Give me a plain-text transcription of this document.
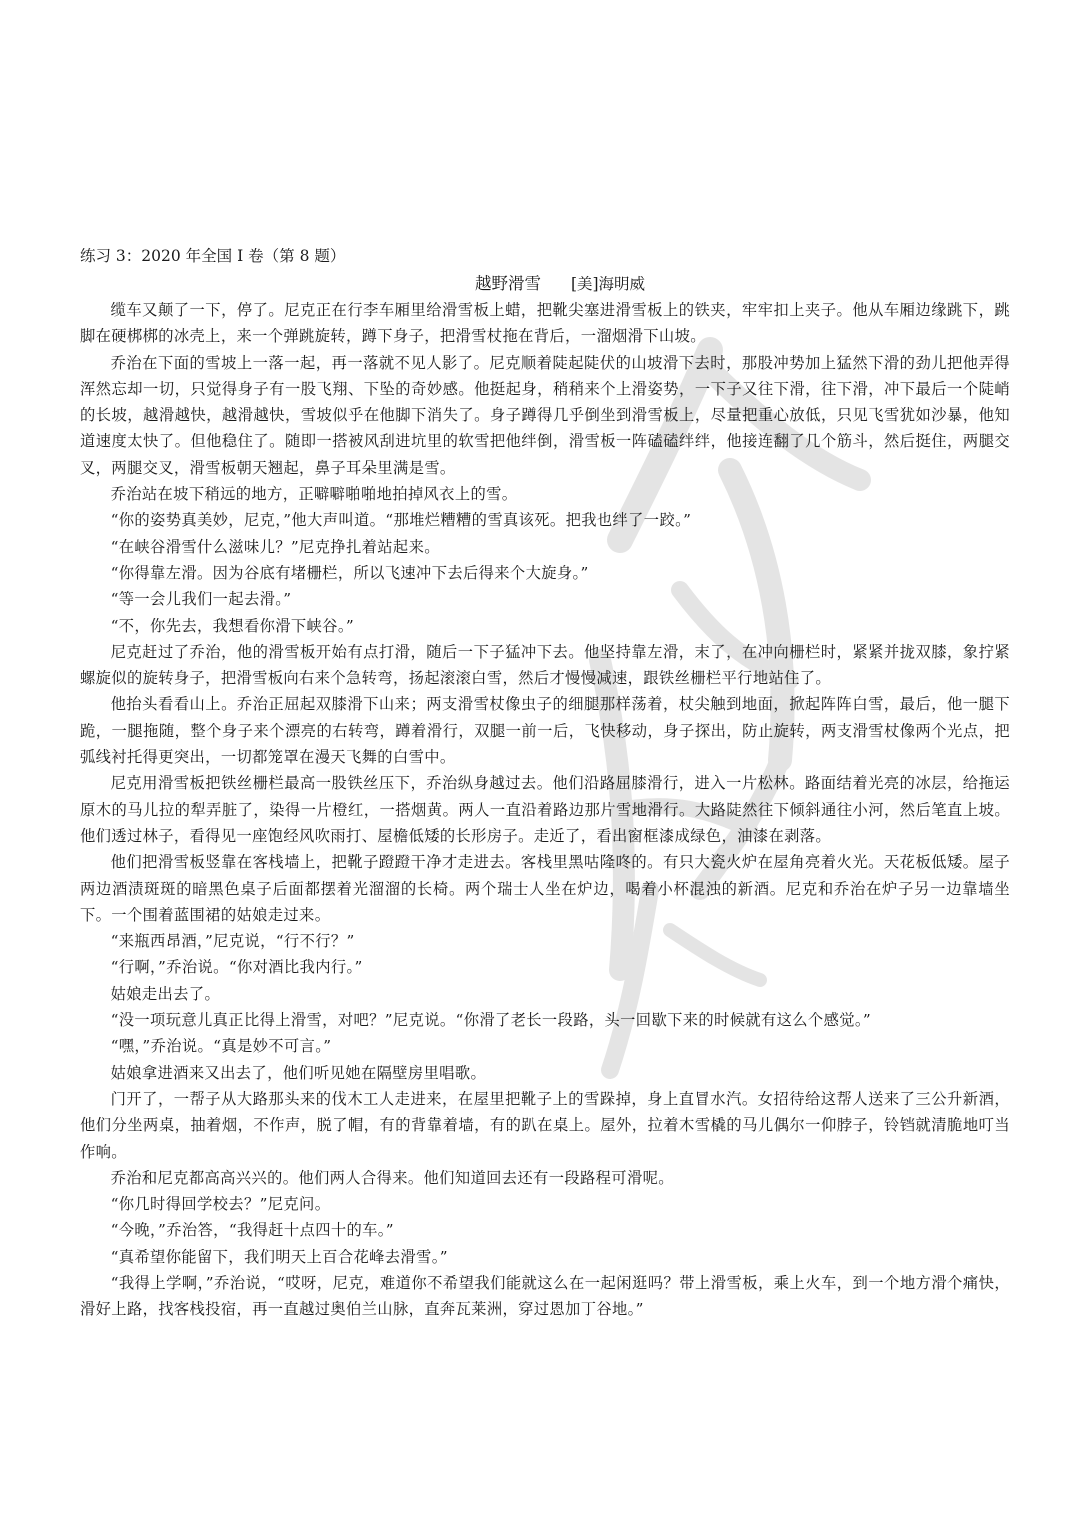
练习 3：2020 年全国 I 卷（第 8 题）

越野滑雪 [美]海明威

缆车又颠了一下，停了。尼克正在行李车厢里给滑雪板上蜡，把靴尖塞进滑雪板上的铁夹，牢牢扣上夹子。他从车厢边缘跳下，跳脚在硬梆梆的冰壳上，来一个弹跳旋转，蹲下身子，把滑雪杖拖在背后，一溜烟滑下山坡。

乔治在下面的雪坡上一落一起，再一落就不见人影了。尼克顺着陡起陡伏的山坡滑下去时，那股冲势加上猛然下滑的劲儿把他弄得浑然忘却一切，只觉得身子有一股飞翔、下坠的奇妙感。他挺起身，稍稍来个上滑姿势，一下子又往下滑，往下滑，冲下最后一个陡峭的长坡，越滑越快，越滑越快，雪坡似乎在他脚下消失了。身子蹲得几乎倒坐到滑雪板上，尽量把重心放低，只见飞雪犹如沙暴，他知道速度太快了。但他稳住了。随即一搭被风刮进坑里的软雪把他绊倒，滑雪板一阵磕磕绊绊，他接连翻了几个筋斗，然后挺住，两腿交叉，两腿交叉，滑雪板朝天翘起，鼻子耳朵里满是雪。

乔治站在坡下稍远的地方，正噼噼啪啪地拍掉风衣上的雪。

“你的姿势真美妙，尼克，”他大声叫道。“那堆烂糟糟的雪真该死。把我也绊了一跤。”

“在峡谷滑雪什么滋味儿？”尼克挣扎着站起来。

“你得靠左滑。因为谷底有堵栅栏，所以飞速冲下去后得来个大旋身。”

“等一会儿我们一起去滑。”

“不，你先去，我想看你滑下峡谷。”

尼克赶过了乔治，他的滑雪板开始有点打滑，随后一下子猛冲下去。他坚持靠左滑，末了，在冲向栅栏时，紧紧并拢双膝，象拧紧螺旋似的旋转身子，把滑雪板向右来个急转弯，扬起滚滚白雪，然后才慢慢减速，跟铁丝栅栏平行地站住了。

他抬头看看山上。乔治正屈起双膝滑下山来；两支滑雪杖像虫子的细腿那样荡着，杖尖触到地面，掀起阵阵白雪，最后，他一腿下跪，一腿拖随，整个身子来个漂亮的右转弯，蹲着滑行，双腿一前一后，飞快移动，身子探出，防止旋转，两支滑雪杖像两个光点，把弧线衬托得更突出，一切都笼罩在漫天飞舞的白雪中。

尼克用滑雪板把铁丝栅栏最高一股铁丝压下，乔治纵身越过去。他们沿路屈膝滑行，进入一片松林。路面结着光亮的冰层，给拖运原木的马儿拉的犁弄脏了，染得一片橙红，一搭烟黄。两人一直沿着路边那片雪地滑行。大路陡然往下倾斜通往小河，然后笔直上坡。他们透过林子，看得见一座饱经风吹雨打、屋檐低矮的长形房子。走近了，看出窗框漆成绿色，油漆在剥落。

他们把滑雪板竖靠在客栈墙上，把靴子蹬蹬干净才走进去。客栈里黑咕隆咚的。有只大瓷火炉在屋角亮着火光。天花板低矮。屋子两边酒渍斑斑的暗黑色桌子后面都摆着光溜溜的长椅。两个瑞士人坐在炉边，喝着小杯混浊的新酒。尼克和乔治在炉子另一边靠墙坐下。一个围着蓝围裙的姑娘走过来。

“来瓶西昂酒，”尼克说，“行不行？”

“行啊，”乔治说。“你对酒比我内行。”

姑娘走出去了。

“没一项玩意儿真正比得上滑雪，对吧？”尼克说。“你滑了老长一段路，头一回歇下来的时候就有这么个感觉。”

“嘿，”乔治说。“真是妙不可言。”

姑娘拿进酒来又出去了，他们听见她在隔壁房里唱歌。

门开了，一帮子从大路那头来的伐木工人走进来，在屋里把靴子上的雪跺掉，身上直冒水汽。女招待给这帮人送来了三公升新酒，他们分坐两桌，抽着烟，不作声，脱了帽，有的背靠着墙，有的趴在桌上。屋外，拉着木雪橇的马儿偶尔一仰脖子，铃铛就清脆地叮当作响。

乔治和尼克都高高兴兴的。他们两人合得来。他们知道回去还有一段路程可滑呢。

“你几时得回学校去？”尼克问。

“今晚，”乔治答，“我得赶十点四十的车。”

“真希望你能留下，我们明天上百合花峰去滑雪。”

“我得上学啊，”乔治说，“哎呀，尼克，难道你不希望我们能就这么在一起闲逛吗？带上滑雪板，乘上火车，到一个地方滑个痛快，滑好上路，找客栈投宿，再一直越过奥伯兰山脉，直奔瓦莱洲，穿过恩加丁谷地。”
